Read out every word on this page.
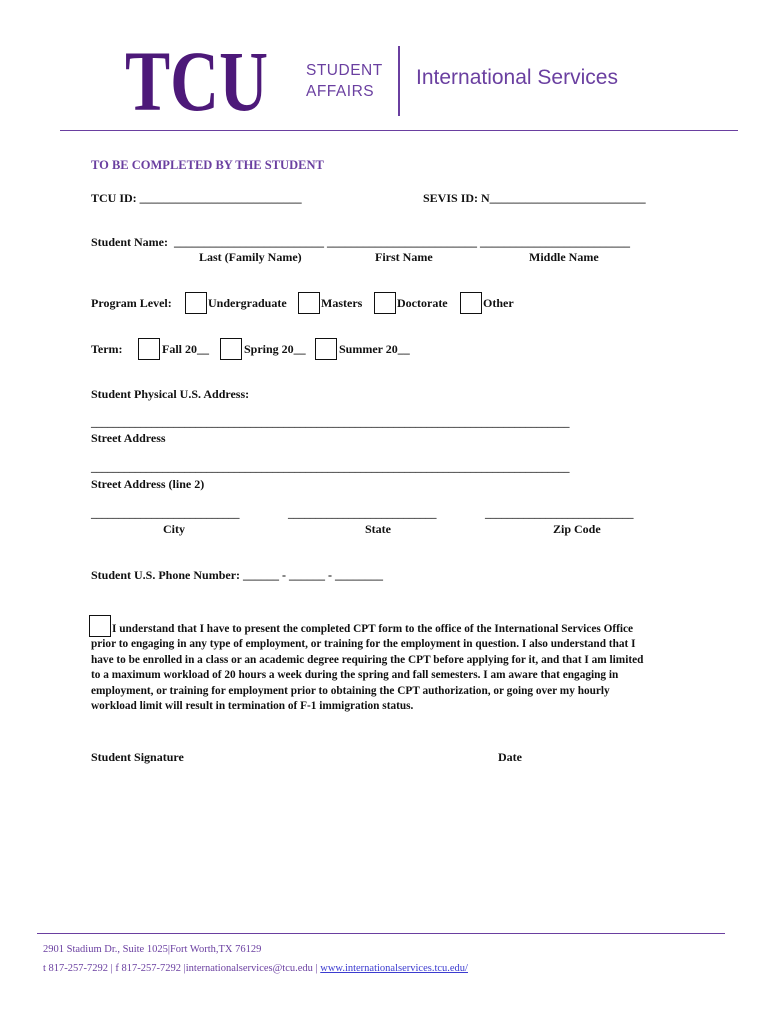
TCU STUDENT
AFFAIRS
International Services
TO BE COMPLETED BY THE STUDENT
TCU ID: ___________________________	SEVIS ID: N__________________________
Student Name: _________________________ _________________________ _________________________
Last (Family Name)	First Name	Middle Name
Program Level:	Undergraduate	Masters	Doctorate	Other
Term:	Fall 20__	Spring 20__	Summer 20__
Student Physical U.S. Address:
_______________________________________________________________________________________
Street Address
_______________________________________________________________________________________
Street Address (line 2)
___________________________	___________________________	___________________________
City	State	Zip Code
Student U.S. Phone Number: ______ - ______ - ________
I understand that I have to present the completed CPT form to the office of the International Services Office
prior to engaging in any type of employment, or training for the employment in question. I also understand that I
have to be enrolled in a class or an academic degree requiring the CPT before applying for it, and that I am limited
to a maximum workload of 20 hours a week during the spring and fall semesters. I am aware that engaging in
employment, or training for employment prior to obtaining the CPT authorization, or going over my hourly
workload limit will result in termination of F-1 immigration status.
Student Signature	Date
2901 Stadium Dr., Suite 1025|Fort Worth,TX 76129
t 817-257-7292 | f 817-257-7292 |internationalservices@tcu.edu | www.internationalservices.tcu.edu/
